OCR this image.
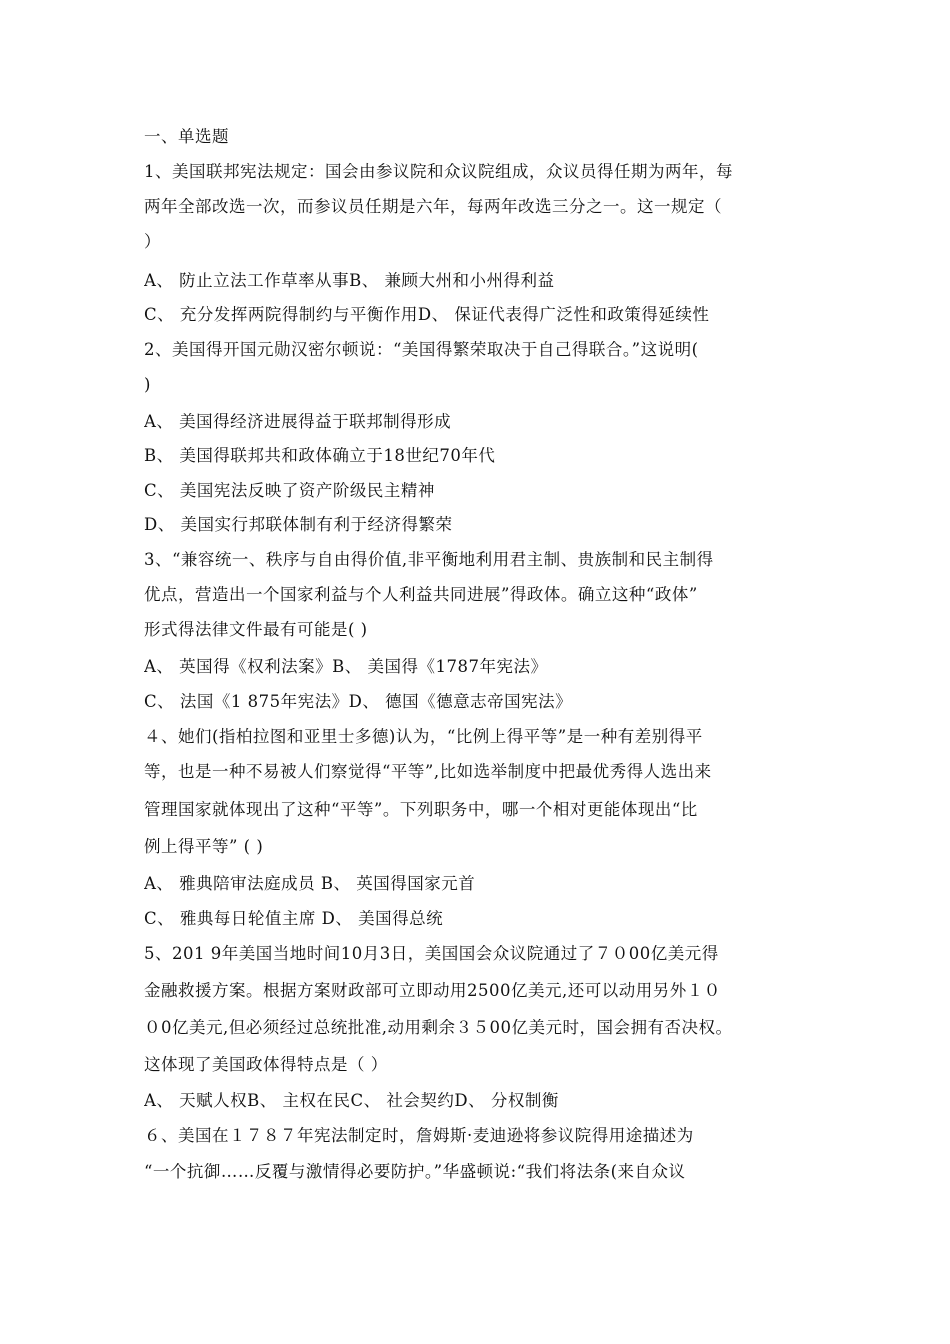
一、单选题
1、美国联邦宪法规定：国会由参议院和众议院组成，众议员得任期为两年，每
两年全部改选一次，而参议员任期是六年，每两年改选三分之一。这一规定（
）
A、 防止立法工作草率从事B、 兼顾大州和小州得利益
C、 充分发挥两院得制约与平衡作用D、 保证代表得广泛性和政策得延续性
2、美国得开国元勋汉密尔顿说：“美国得繁荣取决于自己得联合。”这说明(
)
A、 美国得经济进展得益于联邦制得形成
B、 美国得联邦共和政体确立于18世纪70年代
C、 美国宪法反映了资产阶级民主精神
D、 美国实行邦联体制有利于经济得繁荣
3、“兼容统一、秩序与自由得价值,非平衡地利用君主制、贵族制和民主制得
优点，营造出一个国家利益与个人利益共同进展”得政体。确立这种“政体”
形式得法律文件最有可能是( )
A、 英国得《权利法案》B、 美国得《1787年宪法》
C、 法国《1 875年宪法》D、 德国《德意志帝国宪法》
４、她们(指柏拉图和亚里士多德)认为，“比例上得平等”是一种有差别得平
等，也是一种不易被人们察觉得“平等”,比如选举制度中把最优秀得人选出来
管理国家就体现出了这种“平等”。下列职务中，哪一个相对更能体现出“比
例上得平等” ( )
A、 雅典陪审法庭成员 B、 英国得国家元首
C、 雅典每日轮值主席 D、 美国得总统
5、201 9年美国当地时间10月3日，美国国会众议院通过了７０00亿美元得
金融救援方案。根据方案财政部可立即动用2500亿美元,还可以动用另外１０
０0亿美元,但必须经过总统批准,动用剩余３５00亿美元时，国会拥有否决权。
这体现了美国政体得特点是（ ）
A、 天赋人权B、 主权在民C、 社会契约D、 分权制衡
６、美国在１７８７年宪法制定时，詹姆斯·麦迪逊将参议院得用途描述为
“一个抗御……反覆与激情得必要防护。”华盛顿说:“我们将法条(来自众议
